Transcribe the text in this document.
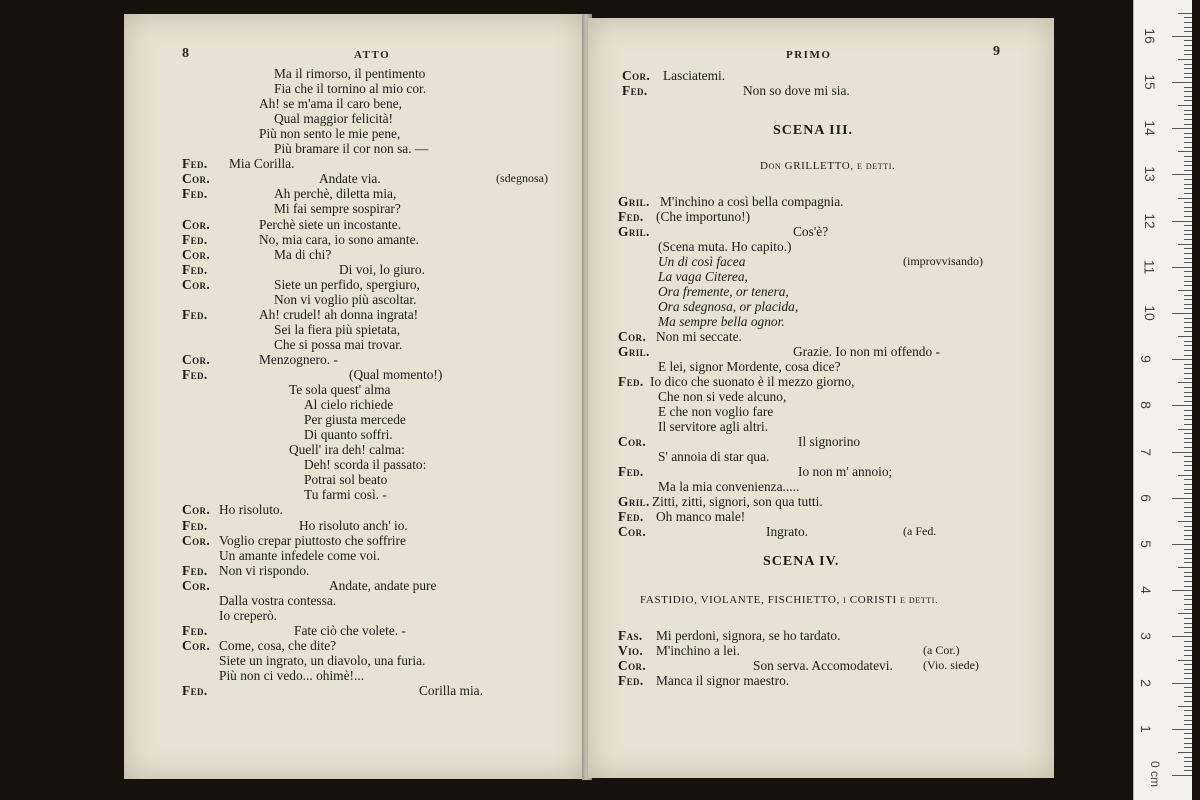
8	ATTO
Ma il rimorso, il pentimento
Fia che il tornino al mio cor.
Ah! se m'ama il caro bene,
Qual maggior felicità!
Più non sento le mie pene,
Più bramare il cor non sa. —
Fed. Mia Corilla.
Cor.	Andate via.	(sdegnosa)
Fed.	Ah perchè, diletta mia,
Mi fai sempre sospirar?
Cor.	Perchè siete un incostante.
Fed.	No, mia cara, io sono amante.
Cor.	Ma di chi?
Fed.	Di voi, lo giuro.
Cor.	Siete un perfido, spergiuro,
Non vi voglio più ascoltar.
Fed.	Ah! crudel! ah donna ingrata!
Sei la fiera più spietata,
Che si possa mai trovar.
Cor.	Menzognero. -
Fed.	(Qual momento!)
Te sola quest' alma
Al cielo richiede
Per giusta mercede
Di quanto soffri.
Quell' ira deh! calma:
Deh! scorda il passato:
Potrai sol beato
Tu farmi così. -
Cor. Ho risoluto.
Fed.	Ho risoluto anch' io.
Cor. Voglio crepar piuttosto che soffrire
Un amante infedele come voi.
Fed. Non vi rispondo.
Cor.	Andate, andate pure
Dalla vostra contessa.
Io creperò.
Fed.	Fate ciò che volete. -
Cor. Come, cosa, che dite?
Siete un ingrato, un diavolo, una furia.
Più non ci vedo... ohimè!...
Fed.	Corilla mia.
PRIMO	9
Cor. Lasciatemi.
Fed.	Non so dove mi sia.
SCENA III.
Don GRILLETTO, e detti.
Gril. M'inchino a così bella compagnia.
Fed. (Che importuno!)
Gril.	Cos'è?
(Scena muta. Ho capito.)
Un di così facea	(improvvisando)
La vaga Citerea,
Ora fremente, or tenera,
Ora sdegnosa, or placida,
Ma sempre bella ognor.
Cor. Non mi seccate.
Gril.	Grazie. Io non mi offendo -
E lei, signor Mordente, cosa dice?
Fed. Io dico che suonato è il mezzo giorno,
Che non si vede alcuno,
E che non voglio fare
Il servitore agli altri.
Cor.	Il signorino
S' annoia di star qua.
Fed.	Io non m' annoio;
Ma la mia convenienza.....
Gril. Zitti, zitti, signori, son qua tutti.
Fed. Oh manco male!
Cor.	Ingrato.	(a Fed.
SCENA IV.
FASTIDIO, VIOLANTE, FISCHIETTO, i CORISTI e detti.
Fas. Mi perdoni, signora, se ho tardato.
Vio. M'inchino a lei.	(a Cor.)
Cor.	Son serva. Accomodatevi.	(Vio. siede)
Fed. Manca il signor maestro.
0 cm
1
2
3
4
5
6
7
8
9
10
11
12
13
14
15
16
